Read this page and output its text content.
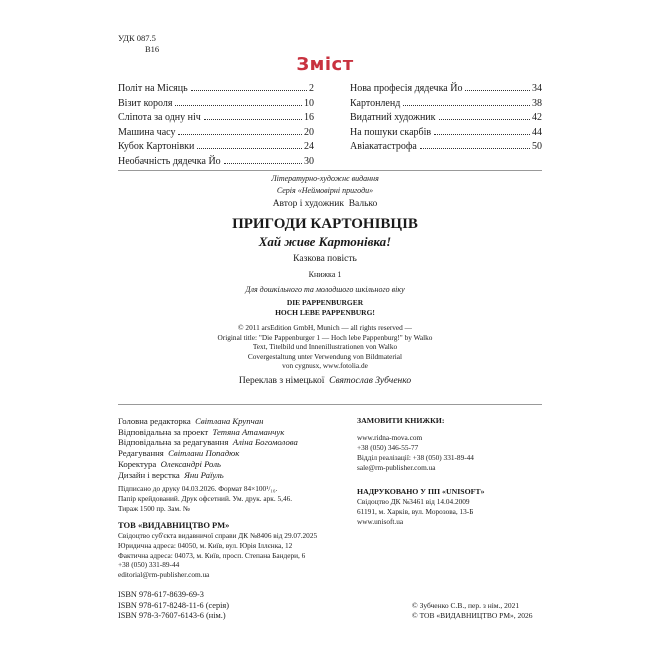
УДК 087.5
В16
Зміст
Політ на Місяць	2
Візит короля	10
Сліпота за одну ніч	16
Машина часу	20
Кубок Картонівки	24
Необачність дядечка Йо	30
Нова професія дядечка Йо	34
Картонленд	38
Видатний художник	42
На пошуки скарбів	44
Авіакатастрофа	50
Літературно-художнє видання
Серія «Неймовірні пригоди»
Автор і художник Валько
ПРИГОДИ КАРТОНІВЦІВ
Хай живе Картонівка!
Казкова повість
Книжка 1
Для дошкільного та молодшого шкільного віку
DIE PAPPENBURGER
HOCH LEBE PAPPENBURG!
© 2011 arsEdition GmbH, Munich — all rights reserved —
Original title: "Die Pappenburger 1 — Hoch lebe Pappenburg!" by Walko
Text, Titelbild und Innenillustrationen von Walko
Covergestaltung unter Verwendung von Bildmaterial
von cygnusx, www.fotolia.de
Переклав з німецької Святослав Зубченко
Головна редакторка Світлана Крупчан
Відповідальна за проект Тетяна Атаманчук
Відповідальна за редагування Аліна Богомолова
Редагування Світлани Попадюк
Коректура Олександрі Роль
Дизайн і верстка Яни Раїуль
Підписано до друку 04.03.2026. Формат 84×100¹/₁₆.
Папір крейдований. Друк офсетний. Ум. друк. арк. 5,46.
Тираж 1500 пр. Зам. №
ТОВ «ВИДАВНИЦТВО РМ»
Свідоцтво суб'єкта видавничої справи ДК №8406 від 29.07.2025
Юридична адреса: 04050, м. Київ, вул. Юрія Іллєнка, 12
Фактична адреса: 04073, м. Київ, просп. Степана Бандери, 6
+38 (050) 331-89-44
editorial@rm-publisher.com.ua
ЗАМОВИТИ КНИЖКИ:
www.ridna-mova.com
+38 (050) 346-55-77
Відділ реалізації: +38 (050) 331-89-44
sale@rm-publisher.com.ua
НАДРУКОВАНО У ПП «UNISOFT»
Свідоцтво ДК №3461 від 14.04.2009
61191, м. Харків, вул. Морозова, 13-Б
www.unisoft.ua
ISBN 978-617-8639-69-3
ISBN 978-617-8248-11-6 (серія)
ISBN 978-3-7607-6143-6 (нім.)
© Зубченко С.В., пер. з нім., 2021
© ТОВ «ВИДАВНИЦТВО РМ», 2026
